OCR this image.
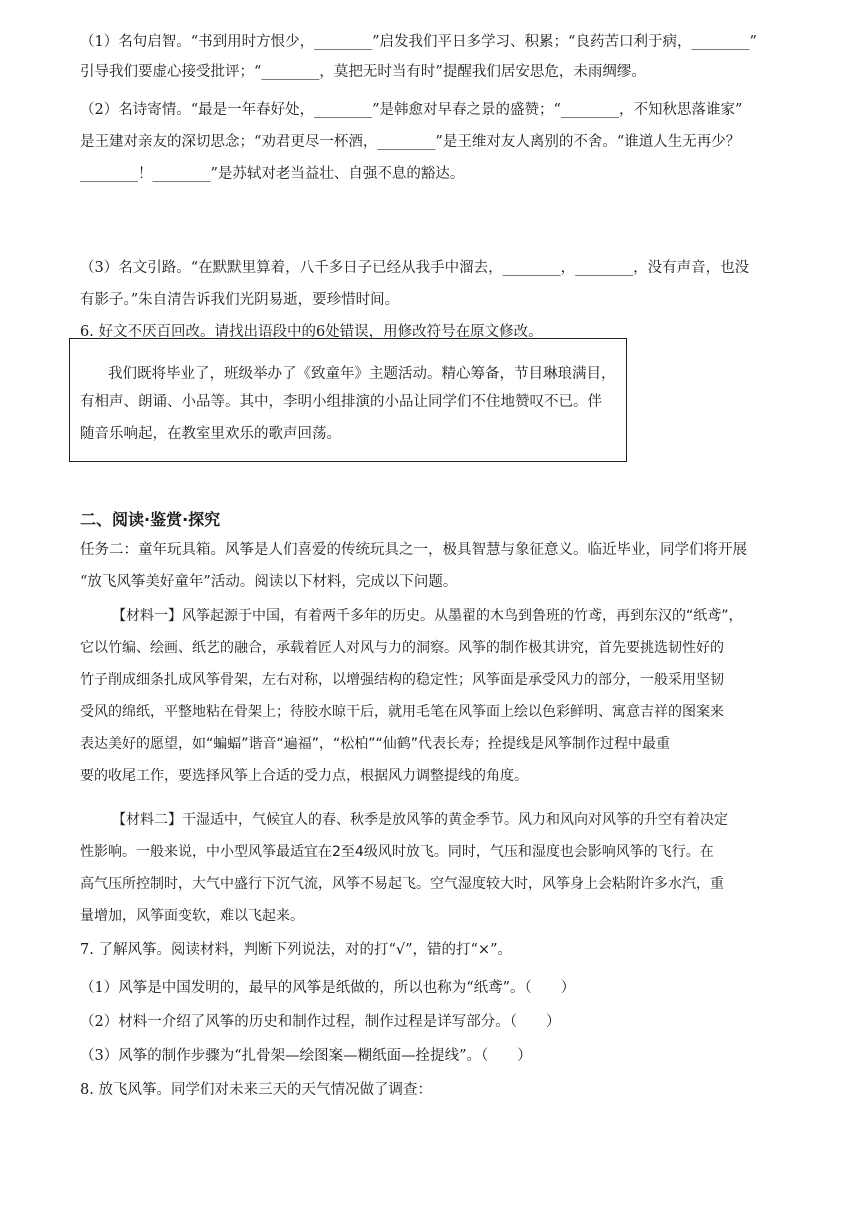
（1）名句启智。“书到用时方恨少，________”启发我们平日多学习、积累；“良药苦口利于病，________”
引导我们要虚心接受批评；“________，莫把无时当有时”提醒我们居安思危，未雨绸缪。
（2）名诗寄情。“最是一年春好处，________”是韩愈对早春之景的盛赞；“________，不知秋思落谁家”
是王建对亲友的深切思念；“劝君更尽一杯酒，________”是王维对友人离别的不舍。“谁道人生无再少？
________！________”是苏轼对老当益壮、自强不息的豁达。
（3）名文引路。“在默默里算着，八千多日子已经从我手中溜去，________，________，没有声音，也没
有影子。”朱自清告诉我们光阴易逝，要珍惜时间。
6. 好文不厌百回改。请找出语段中的6处错误，用修改符号在原文修改。
我们既将毕业了，班级举办了《致童年》主题活动。精心筹备，节目琳琅满目，
有相声、朗诵、小品等。其中，李明小组排演的小品让同学们不住地赞叹不已。伴
随音乐响起，在教室里欢乐的歌声回荡。
二、阅读·鉴赏·探究
任务二：童年玩具箱。风筝是人们喜爱的传统玩具之一，极具智慧与象征意义。临近毕业，同学们将开展
“放飞风筝美好童年”活动。阅读以下材料，完成以下问题。
【材料一】风筝起源于中国，有着两千多年的历史。从墨翟的木鸟到鲁班的竹鸢，再到东汉的“纸鸢”，
它以竹编、绘画、纸艺的融合，承载着匠人对风与力的洞察。风筝的制作极其讲究，首先要挑选韧性好的
竹子削成细条扎成风筝骨架，左右对称，以增强结构的稳定性；风筝面是承受风力的部分，一般采用坚韧
受风的绵纸，平整地粘在骨架上；待胶水晾干后，就用毛笔在风筝面上绘以色彩鲜明、寓意吉祥的图案来
表达美好的愿望，如“蝙蝠”谐音“遍福”，“松柏”“仙鹤”代表长寿；拴提线是风筝制作过程中最重
要的收尾工作，要选择风筝上合适的受力点，根据风力调整提线的角度。
【材料二】干湿适中，气候宜人的春、秋季是放风筝的黄金季节。风力和风向对风筝的升空有着决定
性影响。一般来说，中小型风筝最适宜在2至4级风时放飞。同时，气压和湿度也会影响风筝的飞行。在
高气压所控制时，大气中盛行下沉气流，风筝不易起飞。空气湿度较大时，风筝身上会粘附许多水汽，重
量增加，风筝面变软，难以飞起来。
7. 了解风筝。阅读材料，判断下列说法，对的打“√”，错的打“×”。
（1）风筝是中国发明的，最早的风筝是纸做的，所以也称为“纸鸢”。（　　）
（2）材料一介绍了风筝的历史和制作过程，制作过程是详写部分。（　　）
（3）风筝的制作步骤为“扎骨架—绘图案—糊纸面—拴提线”。（　　）
8. 放飞风筝。同学们对未来三天的天气情况做了调查：
